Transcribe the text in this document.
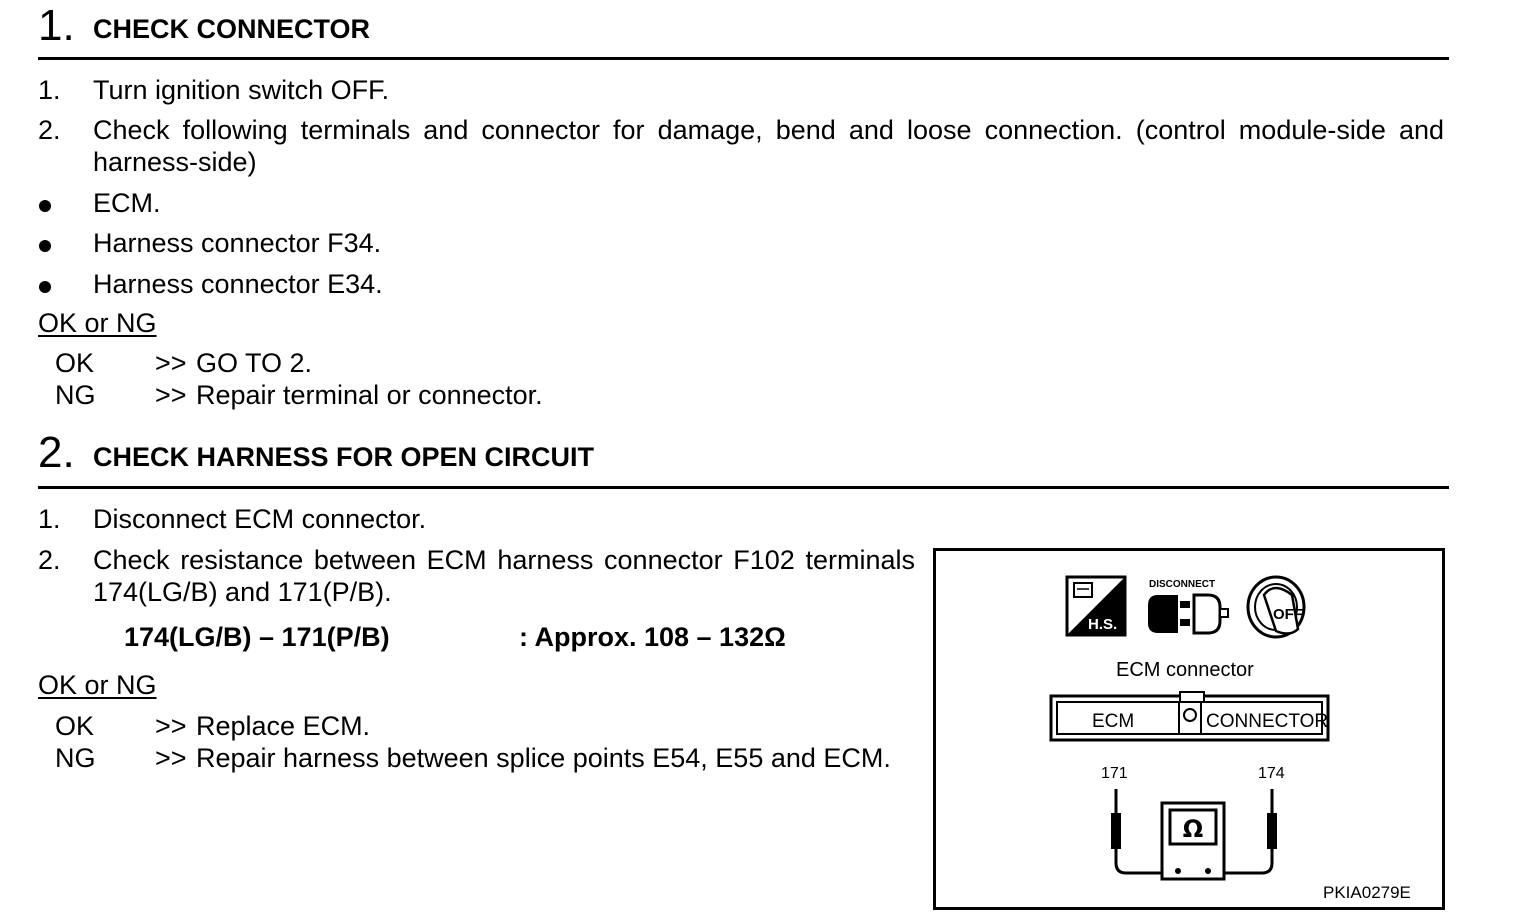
1. CHECK CONNECTOR
1. Turn ignition switch OFF.
2. Check following terminals and connector for damage, bend and loose connection. (control module-side and harness-side)
ECM.
Harness connector F34.
Harness connector E34.
OK or NG
OK >> GO TO 2.
NG >> Repair terminal or connector.
2. CHECK HARNESS FOR OPEN CIRCUIT
1. Disconnect ECM connector.
2. Check resistance between ECM harness connector F102 terminals 174(LG/B) and 171(P/B).
174(LG/B) – 171(P/B)	: Approx. 108 – 132Ω
OK or NG
OK >> Replace ECM.
NG >> Repair harness between splice points E54, E55 and ECM.
H.S.
DISCONNECT
OFF
ECM connector
ECM	CONNECTOR
171	174
Ω
PKIA0279E
